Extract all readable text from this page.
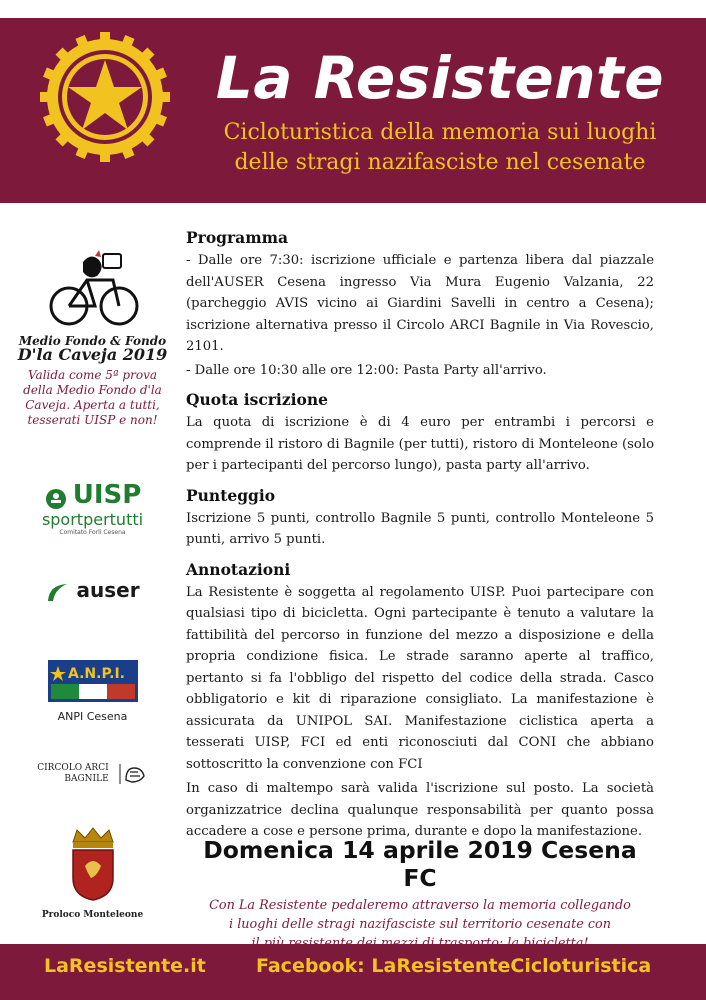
La Resistente
Cicloturistica della memoria sui luoghi
delle stragi nazifasciste nel cesenate
Medio Fondo & Fondo
D'la Caveja 2019
Valida come 5ª prova della Medio Fondo d'la Caveja. Aperta a tutti, tesserati UISP e non!
UISP
sportpertutti
Comitato Forlì Cesena
auser
A.N.P.I.
ANPI Cesena
CIRCOLO ARCI
BAGNILE

Proloco Monteleone
Programma

- Dalle ore 7:30: iscrizione ufficiale e partenza libera dal piazzale dell'AUSER Cesena ingresso Via Mura Eugenio Valzania, 22 (parcheggio AVIS vicino ai Giardini Savelli in centro a Cesena); iscrizione alternativa presso il Circolo ARCI Bagnile in Via Rovescio, 2101.

- Dalle ore 10:30 alle ore 12:00: Pasta Party all'arrivo.

Quota iscrizione

La quota di iscrizione è di 4 euro per entrambi i percorsi e comprende il ristoro di Bagnile (per tutti), ristoro di Monteleone (solo per i partecipanti del percorso lungo), pasta party all'arrivo.

Punteggio

Iscrizione 5 punti, controllo Bagnile 5 punti, controllo Monteleone 5 punti, arrivo 5 punti.

Annotazioni

La Resistente è soggetta al regolamento UISP. Puoi partecipare con qualsiasi tipo di bicicletta. Ogni partecipante è tenuto a valutare la fattibilità del percorso in funzione del mezzo a disposizione e della propria condizione fisica. Le strade saranno aperte al traffico, pertanto si fa l'obbligo del rispetto del codice della strada. Casco obbligatorio e kit di riparazione consigliato. La manifestazione è assicurata da UNIPOL SAI. Manifestazione ciclistica aperta a tesserati UISP, FCI ed enti riconosciuti dal CONI che abbiano sottoscritto la convenzione con FCI

In caso di maltempo sarà valida l'iscrizione sul posto. La società organizzatrice declina qualunque responsabilità per quanto possa accadere a cose e persone prima, durante e dopo la manifestazione.

Domenica 14 aprile 2019 Cesena FC
Con La Resistente pedaleremo attraverso la memoria collegando
i luoghi delle stragi nazifasciste sul territorio cesenate con
LaResistente.it	Facebook: LaResistenteCicloturistica
